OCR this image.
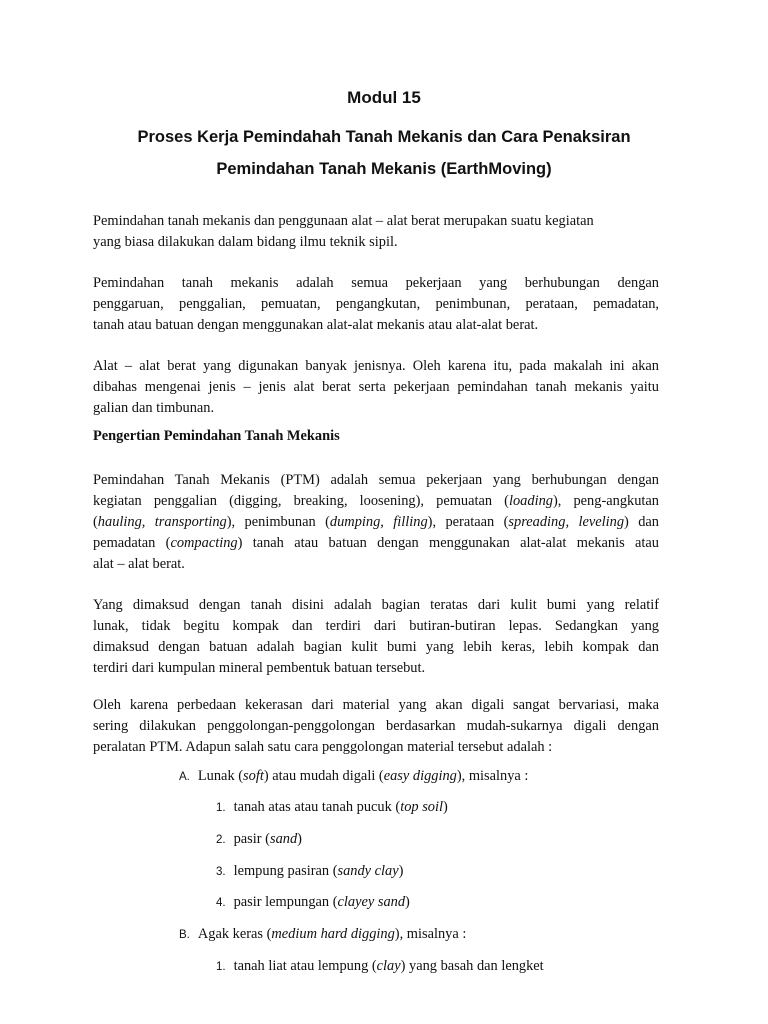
Modul 15
Proses Kerja Pemindahah Tanah Mekanis dan Cara Penaksiran
Pemindahan Tanah Mekanis (EarthMoving)
Pemindahan tanah mekanis dan penggunaan alat – alat berat merupakan suatu kegiatan
yang biasa dilakukan dalam bidang ilmu teknik sipil.
Pemindahan tanah mekanis adalah semua pekerjaan yang berhubungan dengan
penggaruan, penggalian, pemuatan, pengangkutan, penimbunan, perataan, pemadatan,
tanah atau batuan dengan menggunakan alat-alat mekanis atau alat-alat berat.
Alat – alat berat yang digunakan banyak jenisnya. Oleh karena itu, pada makalah ini akan
dibahas mengenai jenis – jenis alat berat serta pekerjaan pemindahan tanah mekanis yaitu
galian dan timbunan.
Pengertian Pemindahan Tanah Mekanis
Pemindahan Tanah Mekanis (PTM) adalah semua pekerjaan yang berhubungan dengan
kegiatan penggalian (digging, breaking, loosening), pemuatan (loading), peng-angkutan
(hauling, transporting), penimbunan (dumping, filling), perataan (spreading, leveling) dan
pemadatan (compacting) tanah atau batuan dengan menggunakan alat-alat mekanis atau
alat – alat berat.
Yang dimaksud dengan tanah disini adalah bagian teratas dari kulit bumi yang relatif
lunak, tidak begitu kompak dan terdiri dari butiran-butiran lepas. Sedangkan yang
dimaksud dengan batuan adalah bagian kulit bumi yang lebih keras, lebih kompak dan
terdiri dari kumpulan mineral pembentuk batuan tersebut.
Oleh karena perbedaan kekerasan dari material yang akan digali sangat bervariasi, maka
sering dilakukan penggolongan-penggolongan berdasarkan mudah-sukarnya digali dengan
peralatan PTM. Adapun salah satu cara penggolongan material tersebut adalah :
A. Lunak (soft) atau mudah digali (easy digging), misalnya :
1. tanah atas atau tanah pucuk (top soil)
2. pasir (sand)
3. lempung pasiran (sandy clay)
4. pasir lempungan (clayey sand)
B. Agak keras (medium hard digging), misalnya :
1. tanah liat atau lempung (clay) yang basah dan lengket
